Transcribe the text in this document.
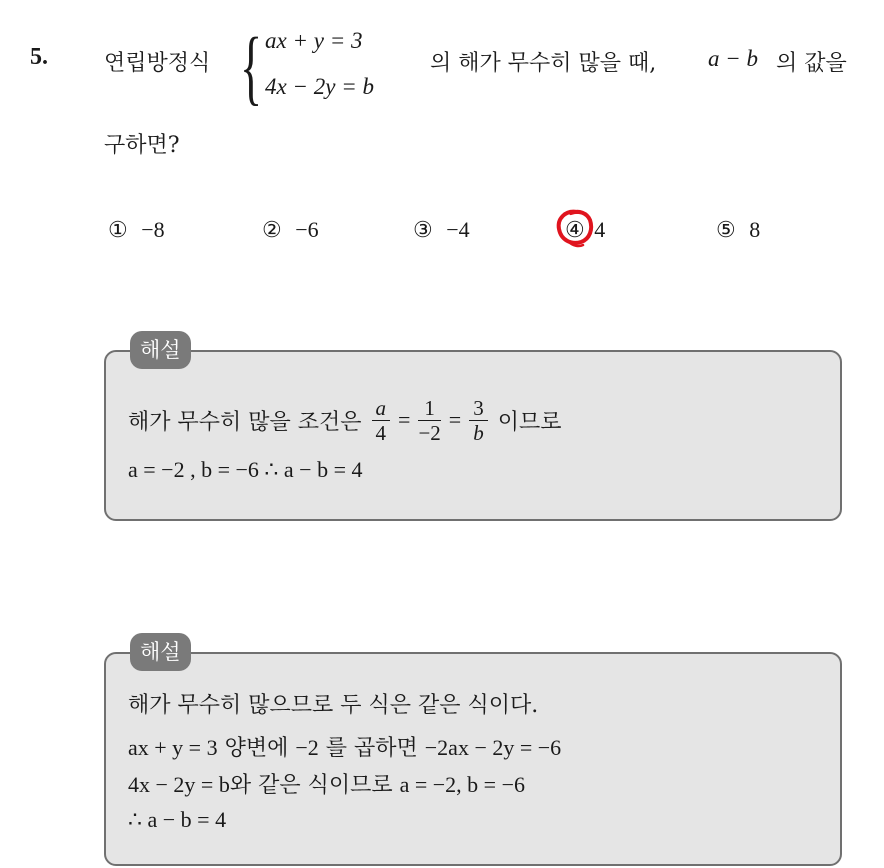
5.	연립방정식 { ax + y = 3
4x − 2y = b
의 해가 무수히 많을 때, a − b 의 값을
구하면?
① −8	② −6	③ −4	④ 4	⑤ 8
해설
해가 무수히 많을 조건은 $\frac{a}{4} = \frac{1}{-2} = \frac{3}{b}$ 이므로
a = −2 , b = −6 ∴ a − b = 4
해설
해가 무수히 많으므로 두 식은 같은 식이다.
ax + y = 3 양변에 −2 를 곱하면 −2ax − 2y = −6
4x − 2y = b와 같은 식이므로 a = −2, b = −6
∴ a − b = 4
